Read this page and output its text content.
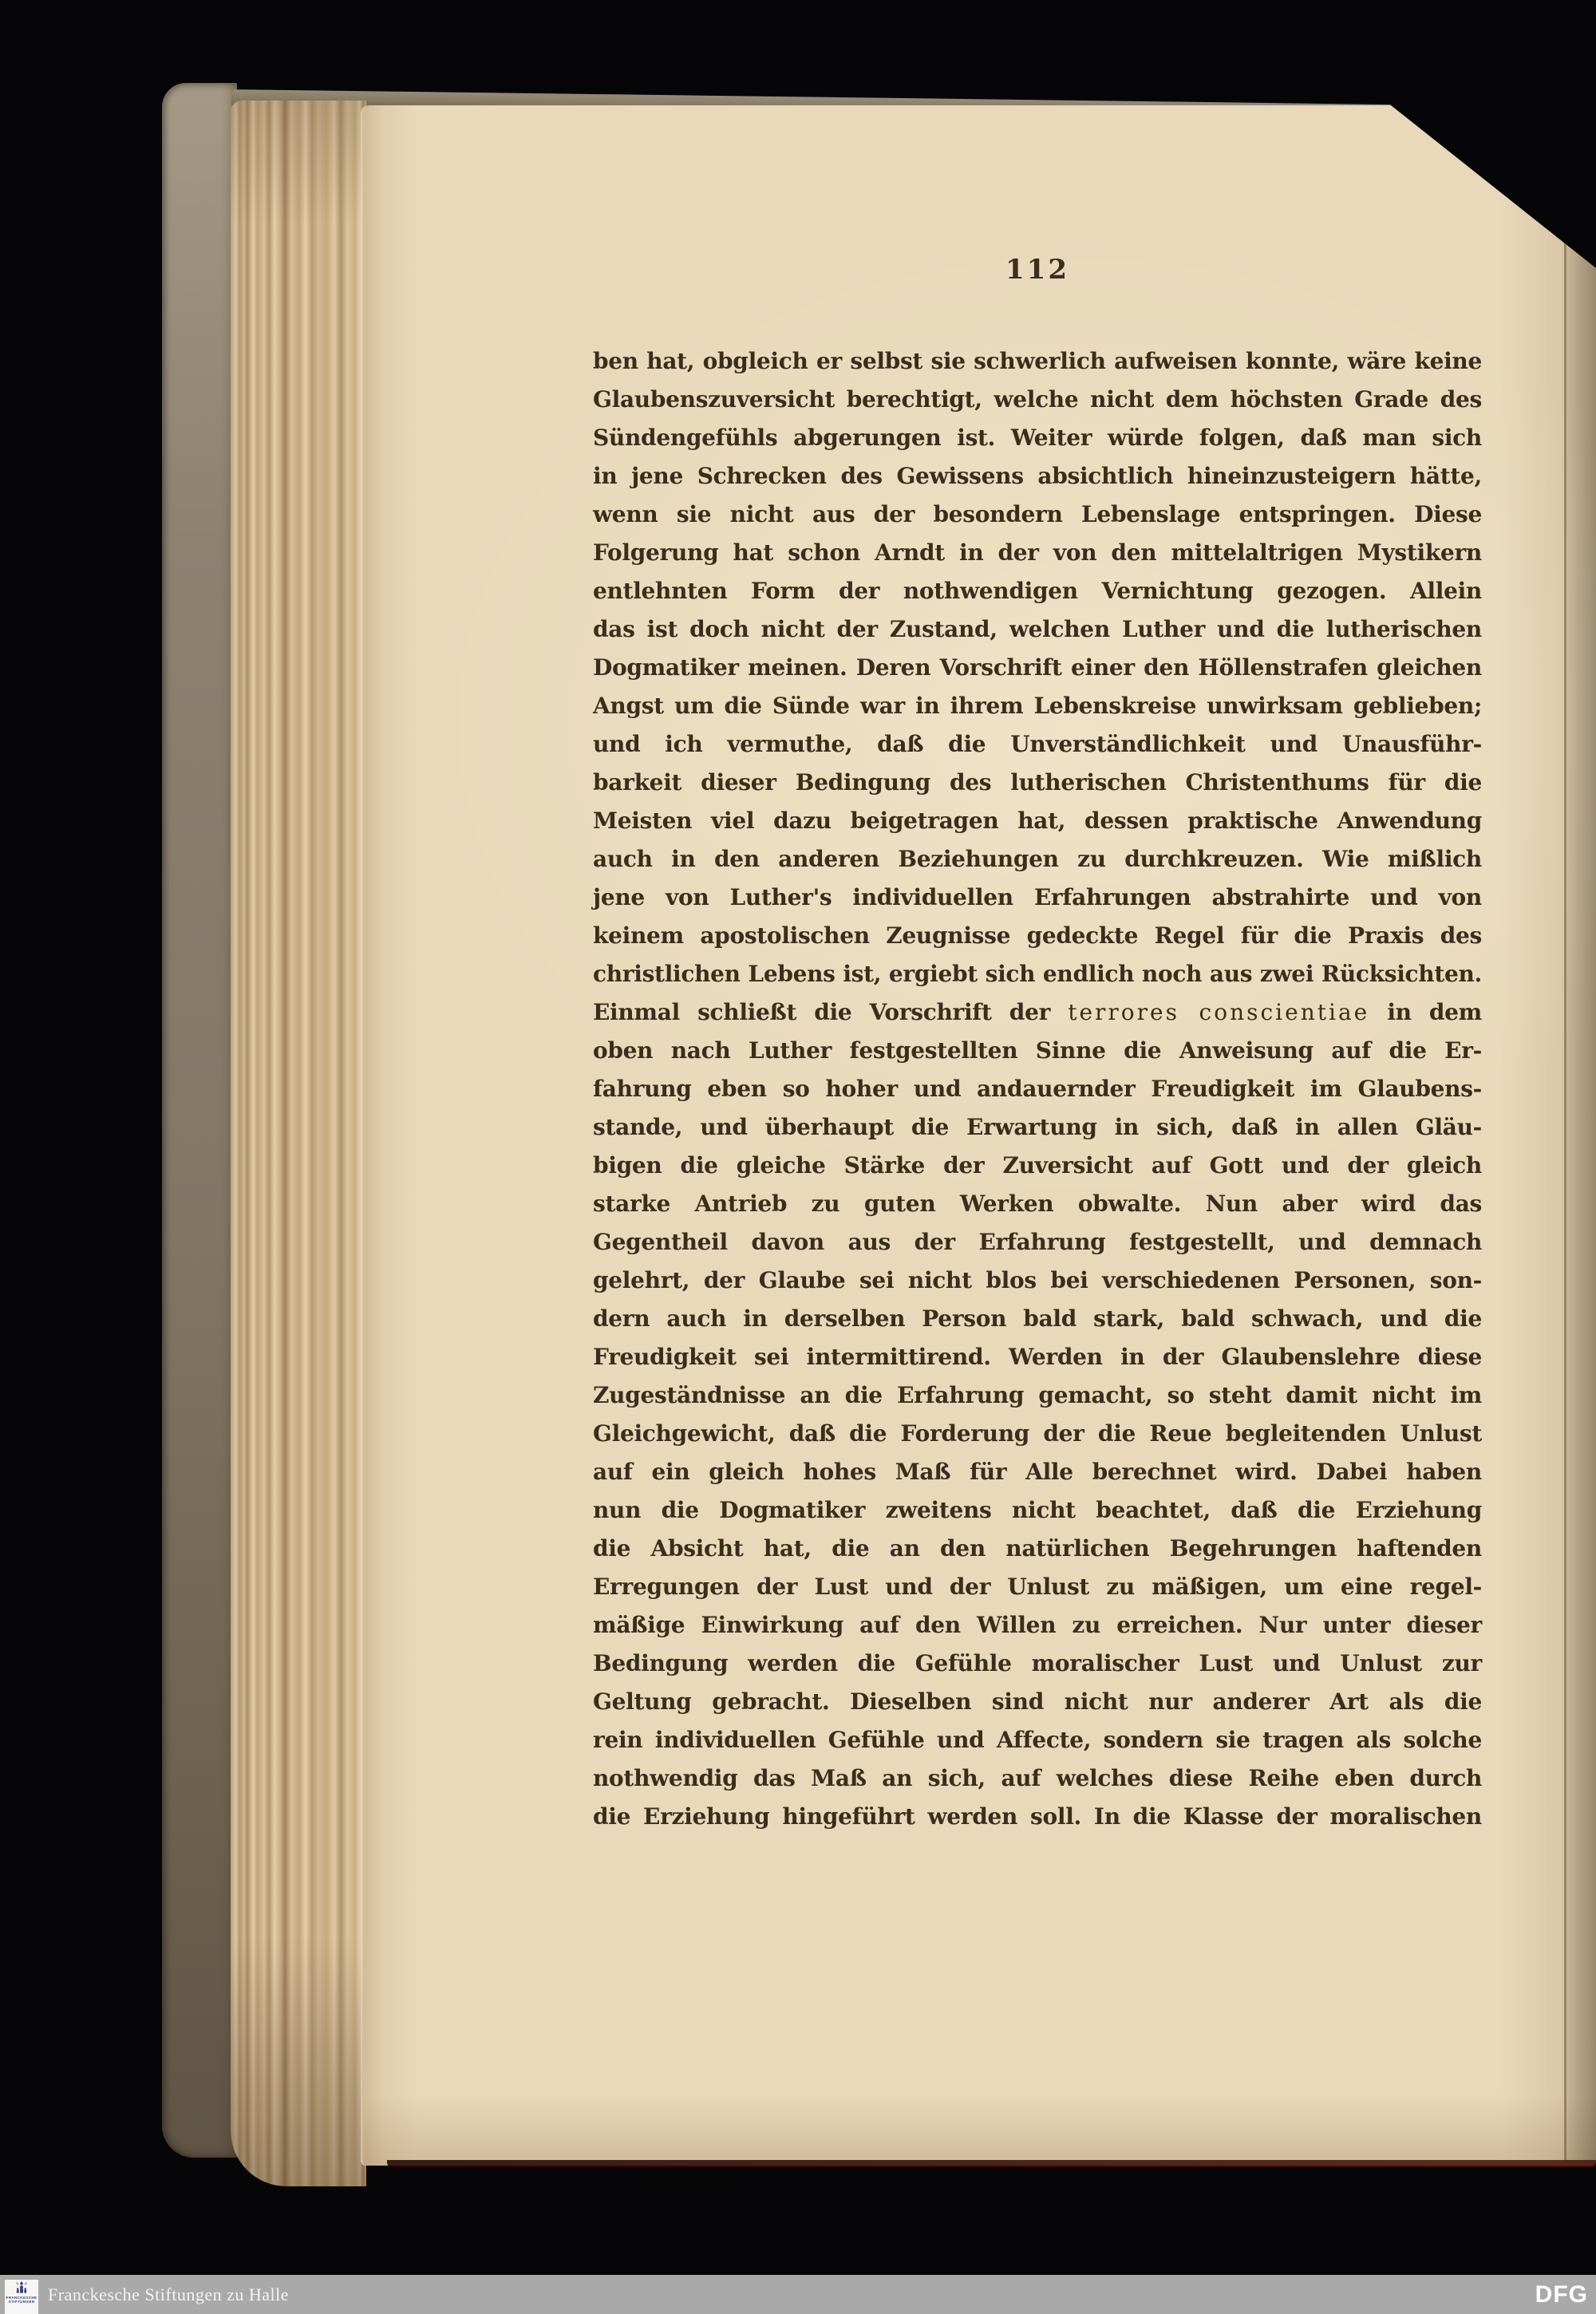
112
ben hat, obgleich er selbst sie schwerlich aufweisen konnte, wäre keine
Glaubenszuversicht berechtigt, welche nicht dem höchsten Grade des
Sündengefühls abgerungen ist. Weiter würde folgen, daß man sich
in jene Schrecken des Gewissens absichtlich hineinzusteigern hätte,
wenn sie nicht aus der besondern Lebenslage entspringen. Diese
Folgerung hat schon Arndt in der von den mittelaltrigen Mystikern
entlehnten Form der nothwendigen Vernichtung gezogen. Allein
das ist doch nicht der Zustand, welchen Luther und die lutherischen
Dogmatiker meinen. Deren Vorschrift einer den Höllenstrafen gleichen
Angst um die Sünde war in ihrem Lebenskreise unwirksam geblieben;
und ich vermuthe, daß die Unverständlichkeit und Unausführ-
barkeit dieser Bedingung des lutherischen Christenthums für die
Meisten viel dazu beigetragen hat, dessen praktische Anwendung
auch in den anderen Beziehungen zu durchkreuzen. Wie mißlich
jene von Luther's individuellen Erfahrungen abstrahirte und von
keinem apostolischen Zeugnisse gedeckte Regel für die Praxis des
christlichen Lebens ist, ergiebt sich endlich noch aus zwei Rücksichten.
Einmal schließt die Vorschrift der terrores conscientiae in dem
oben nach Luther festgestellten Sinne die Anweisung auf die Er-
fahrung eben so hoher und andauernder Freudigkeit im Glaubens-
stande, und überhaupt die Erwartung in sich, daß in allen Gläu-
bigen die gleiche Stärke der Zuversicht auf Gott und der gleich
starke Antrieb zu guten Werken obwalte. Nun aber wird das
Gegentheil davon aus der Erfahrung festgestellt, und demnach
gelehrt, der Glaube sei nicht blos bei verschiedenen Personen, son-
dern auch in derselben Person bald stark, bald schwach, und die
Freudigkeit sei intermittirend. Werden in der Glaubenslehre diese
Zugeständnisse an die Erfahrung gemacht, so steht damit nicht im
Gleichgewicht, daß die Forderung der die Reue begleitenden Unlust
auf ein gleich hohes Maß für Alle berechnet wird. Dabei haben
nun die Dogmatiker zweitens nicht beachtet, daß die Erziehung
die Absicht hat, die an den natürlichen Begehrungen haftenden
Erregungen der Lust und der Unlust zu mäßigen, um eine regel-
mäßige Einwirkung auf den Willen zu erreichen. Nur unter dieser
Bedingung werden die Gefühle moralischer Lust und Unlust zur
Geltung gebracht. Dieselben sind nicht nur anderer Art als die
rein individuellen Gefühle und Affecte, sondern sie tragen als solche
nothwendig das Maß an sich, auf welches diese Reihe eben durch
die Erziehung hingeführt werden soll. In die Klasse der moralischen
FRANCKESCHE
STIFTUNGEN Franckesche Stiftungen zu Halle	DFG
